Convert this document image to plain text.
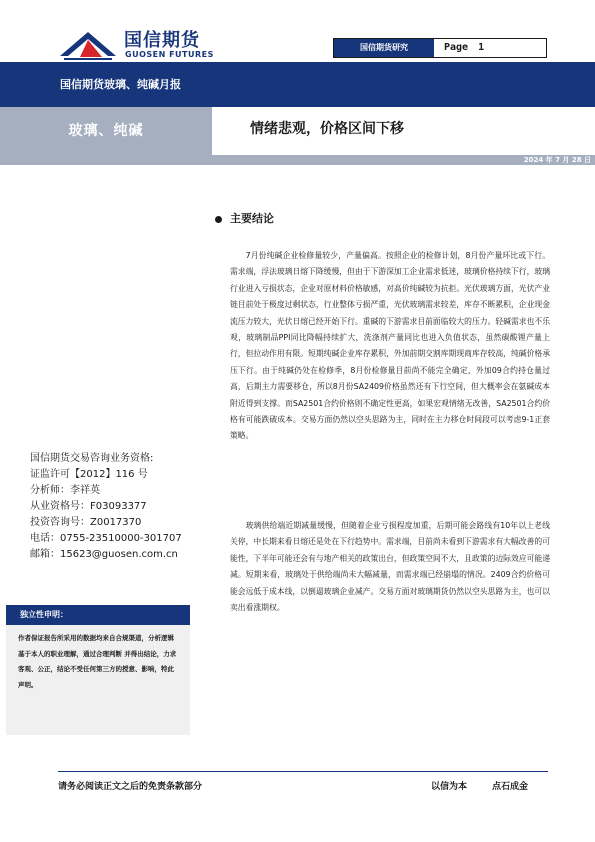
国信期货
GUOSEN FUTURES
国信期货研究	Page 1
国信期货玻璃、纯碱月报
玻璃、纯碱	情绪悲观，价格区间下移
2024 年 7 月 28 日
主要结论

7月份纯碱企业检修量较少，产量偏高。按照企业的检修计划，8月份产量环比或下行。需求端，浮法玻璃日熔下降缓慢，但由于下游深加工企业需求低迷，玻璃价格持续下行，玻璃行业进入亏损状态，企业对原材料价格敏感，对高价纯碱较为抗拒。光伏玻璃方面，光伏产业链目前处于极度过剩状态，行业整体亏损严重，光伏玻璃需求较差，库存不断累积，企业现金流压力较大，光伏日熔已经开始下行。重碱的下游需求目前面临较大的压力。轻碱需求也不乐观，玻璃制品PPI同比降幅持续扩大，洗涤剂产量同比也进入负值状态，虽然碳酸锂产量上行，但拉动作用有限。短期纯碱企业库存累积，外加前期交割库期现商库存较高，纯碱价格承压下行。由于纯碱仍处在检修季，8月份检修量目前尚不能完全确定，外加09合约持仓量过高，后期主力需要移仓，所以8月份SA2409价格虽然还有下行空间，但大概率会在氨碱成本附近得到支撑。而SA2501合约价格则不确定性更高，如果宏观情绪无改善，SA2501合约价格有可能跌破成本。交易方面仍然以空头思路为主，同时在主力移仓时间段可以考虑9-1正套策略。

玻璃供给端近期减量缓慢，但随着企业亏损程度加重，后期可能会路线有10年以上老线关停，中长期来看日熔还是处在下行趋势中。需求端，目前尚未看到下游需求有大幅改善的可能性，下半年可能还会有与地产相关的政策出台，但政策空间不大，且政策的边际效应可能递减。短期来看，玻璃处于供给端尚未大幅减量，而需求端已经崩塌的情况。2409合约价格可能会远低于成本线，以倒逼玻璃企业减产。交易方面对玻璃期货仍然以空头思路为主，也可以卖出看涨期权。

国信期货交易咨询业务资格:
证监许可【2012】116 号
分析师：李祥英
从业资格号：F03093377
投资咨询号：Z0017370
电话：0755-23510000-301707
邮箱：15623@guosen.com.cn
独立性申明：
作者保证报告所采用的数据均来自合规渠道，分析逻辑基于本人的职业理解，通过合理判断 并得出结论，力求客观、公正，结论不受任何第三方的授意、影响，特此声明。
请务必阅读正文之后的免责条款部分	以信为本	点石成金
